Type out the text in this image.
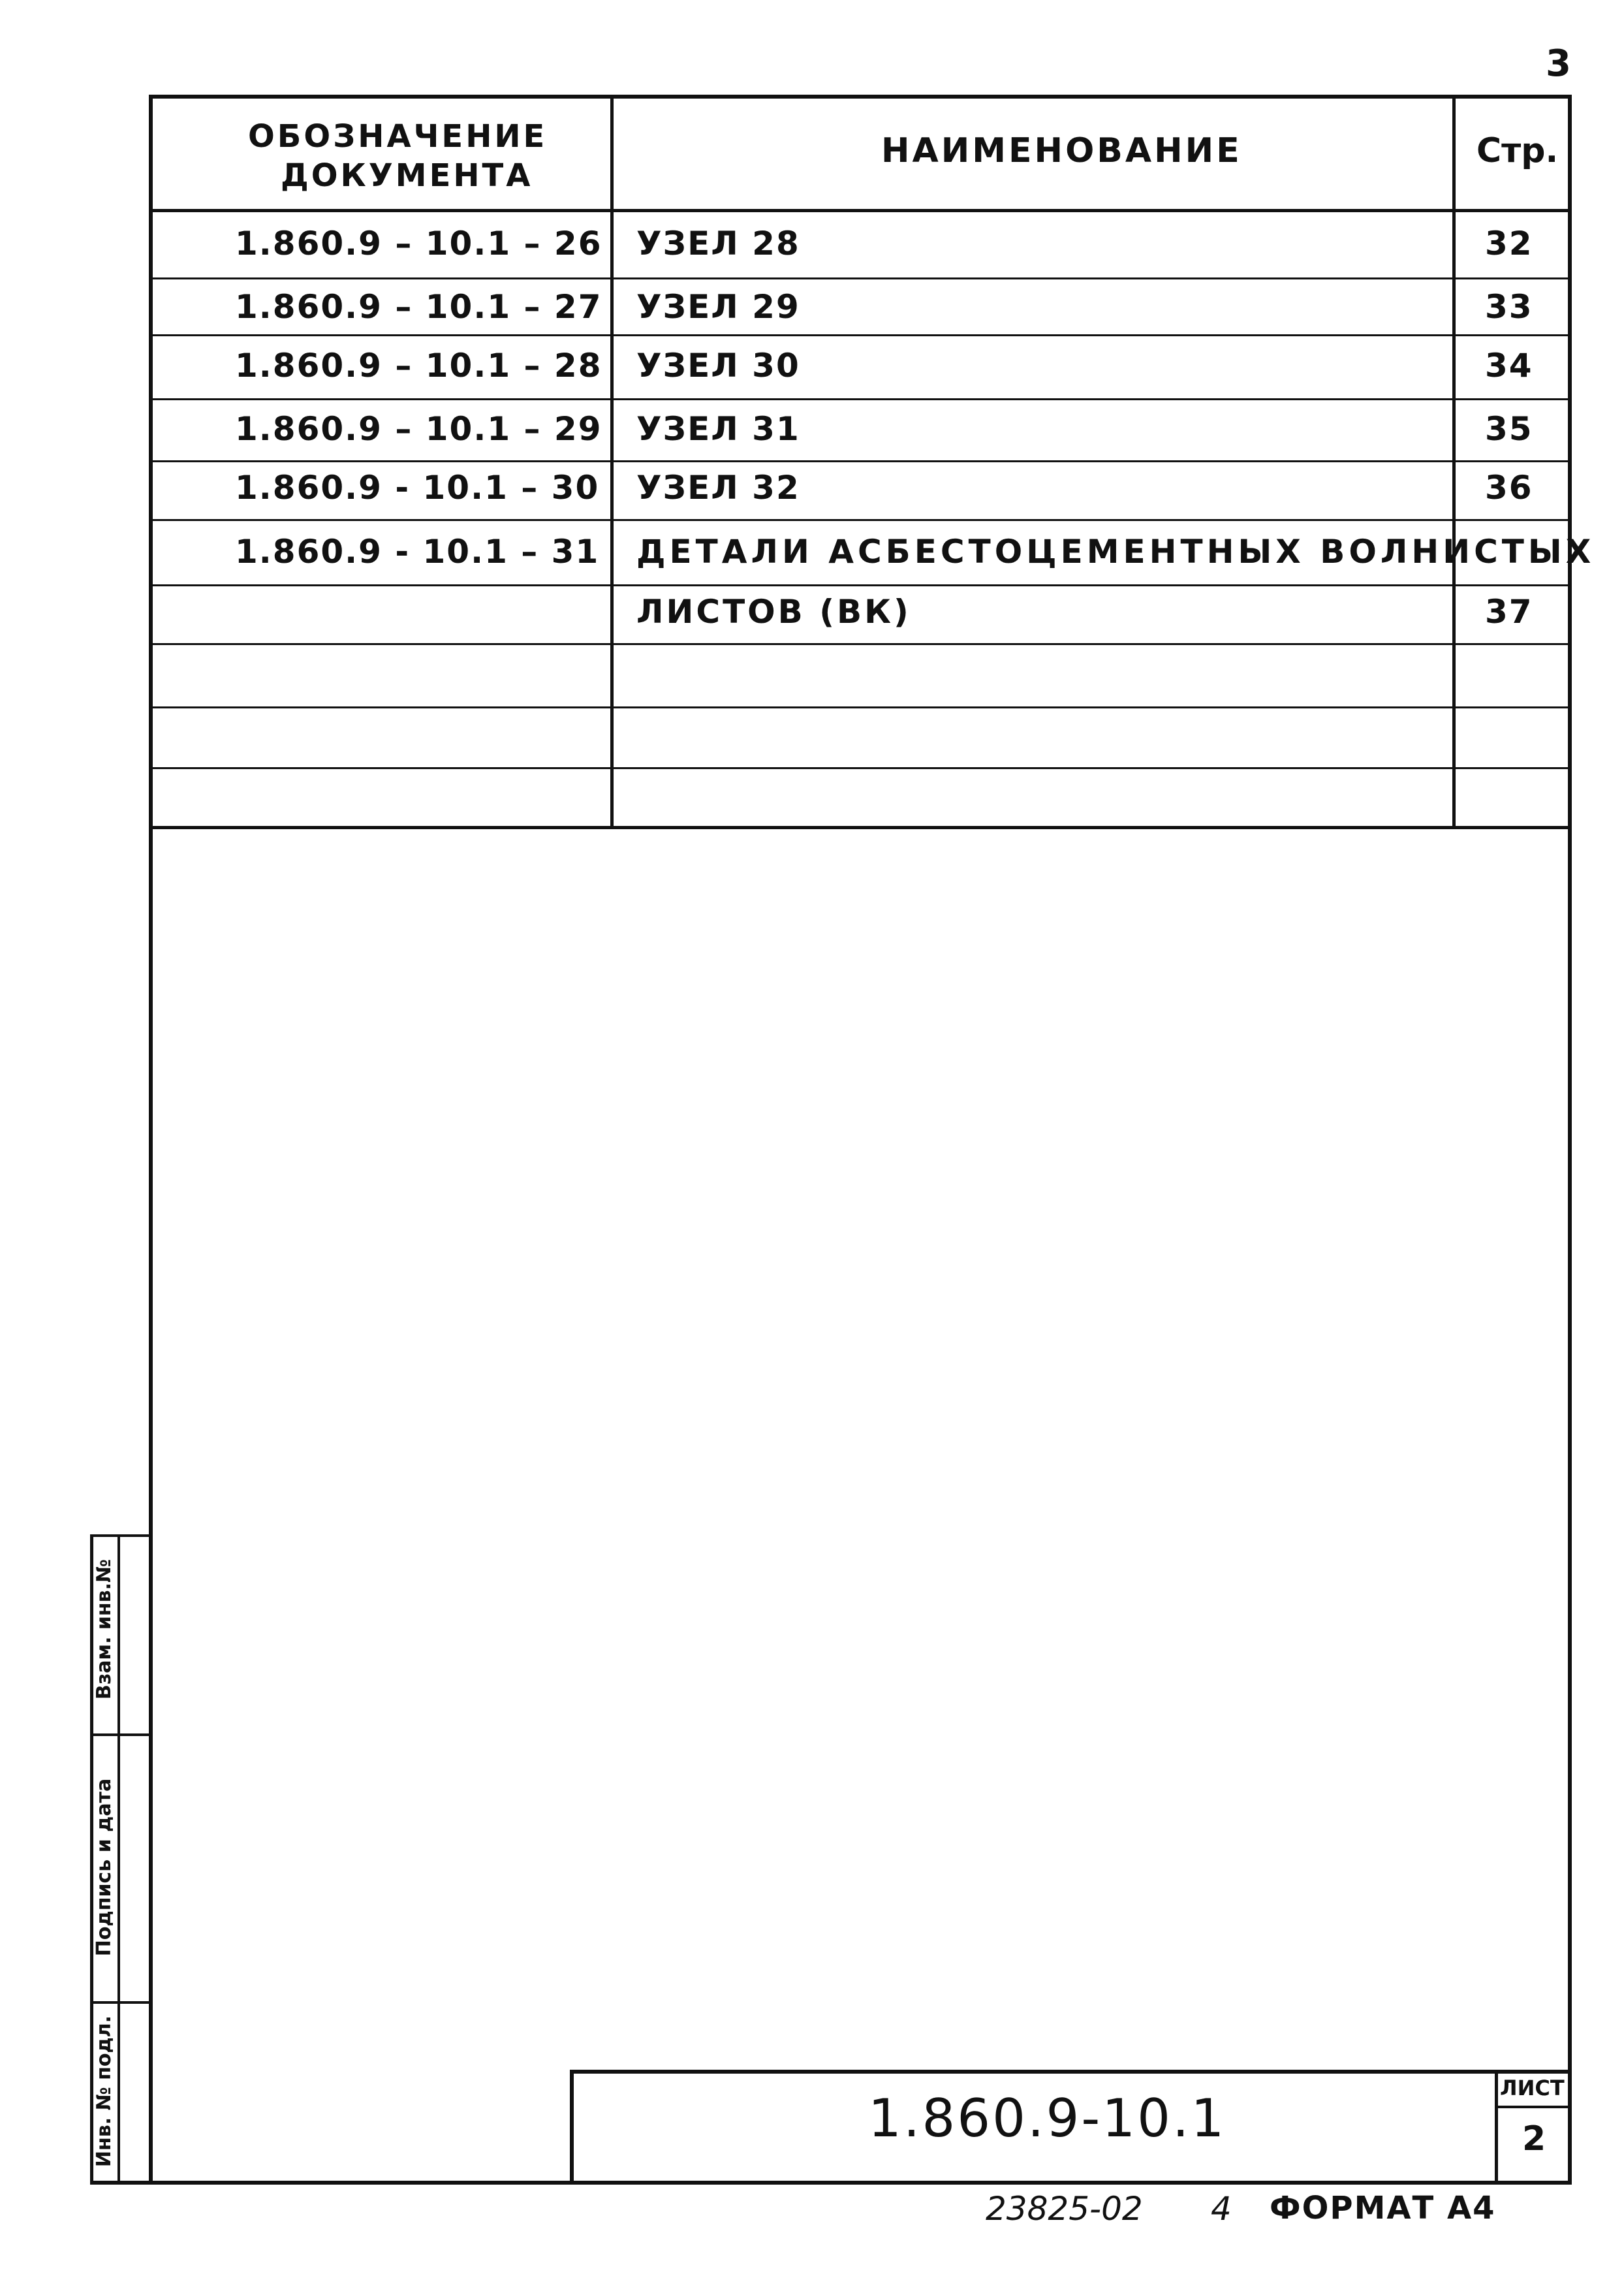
3
ОБОЗНАЧЕНИЕ
ДОКУМЕНТА
НАИМЕНОВАНИЕ	Стр.
1.860.9 – 10.1 – 26 УЗЕЛ 28	32
1.860.9 – 10.1 – 27 УЗЕЛ 29	33
1.860.9 – 10.1 – 28 УЗЕЛ 30	34
1.860.9 – 10.1 – 29 УЗЕЛ 31	35
1.860.9 - 10.1 – 30 УЗЕЛ 32	36
1.860.9 - 10.1 – 31 ДЕТАЛИ АСБЕСТОЦЕМЕНТНЫХ ВОЛНИСТЫХ
ЛИСТОВ (ВК)	37
Взам. инв.№
Подпись и дата
Инв. № подл.	1.860.9-10.1	ЛИСТ
2
23825-02 4 ФОРМАТ А4
